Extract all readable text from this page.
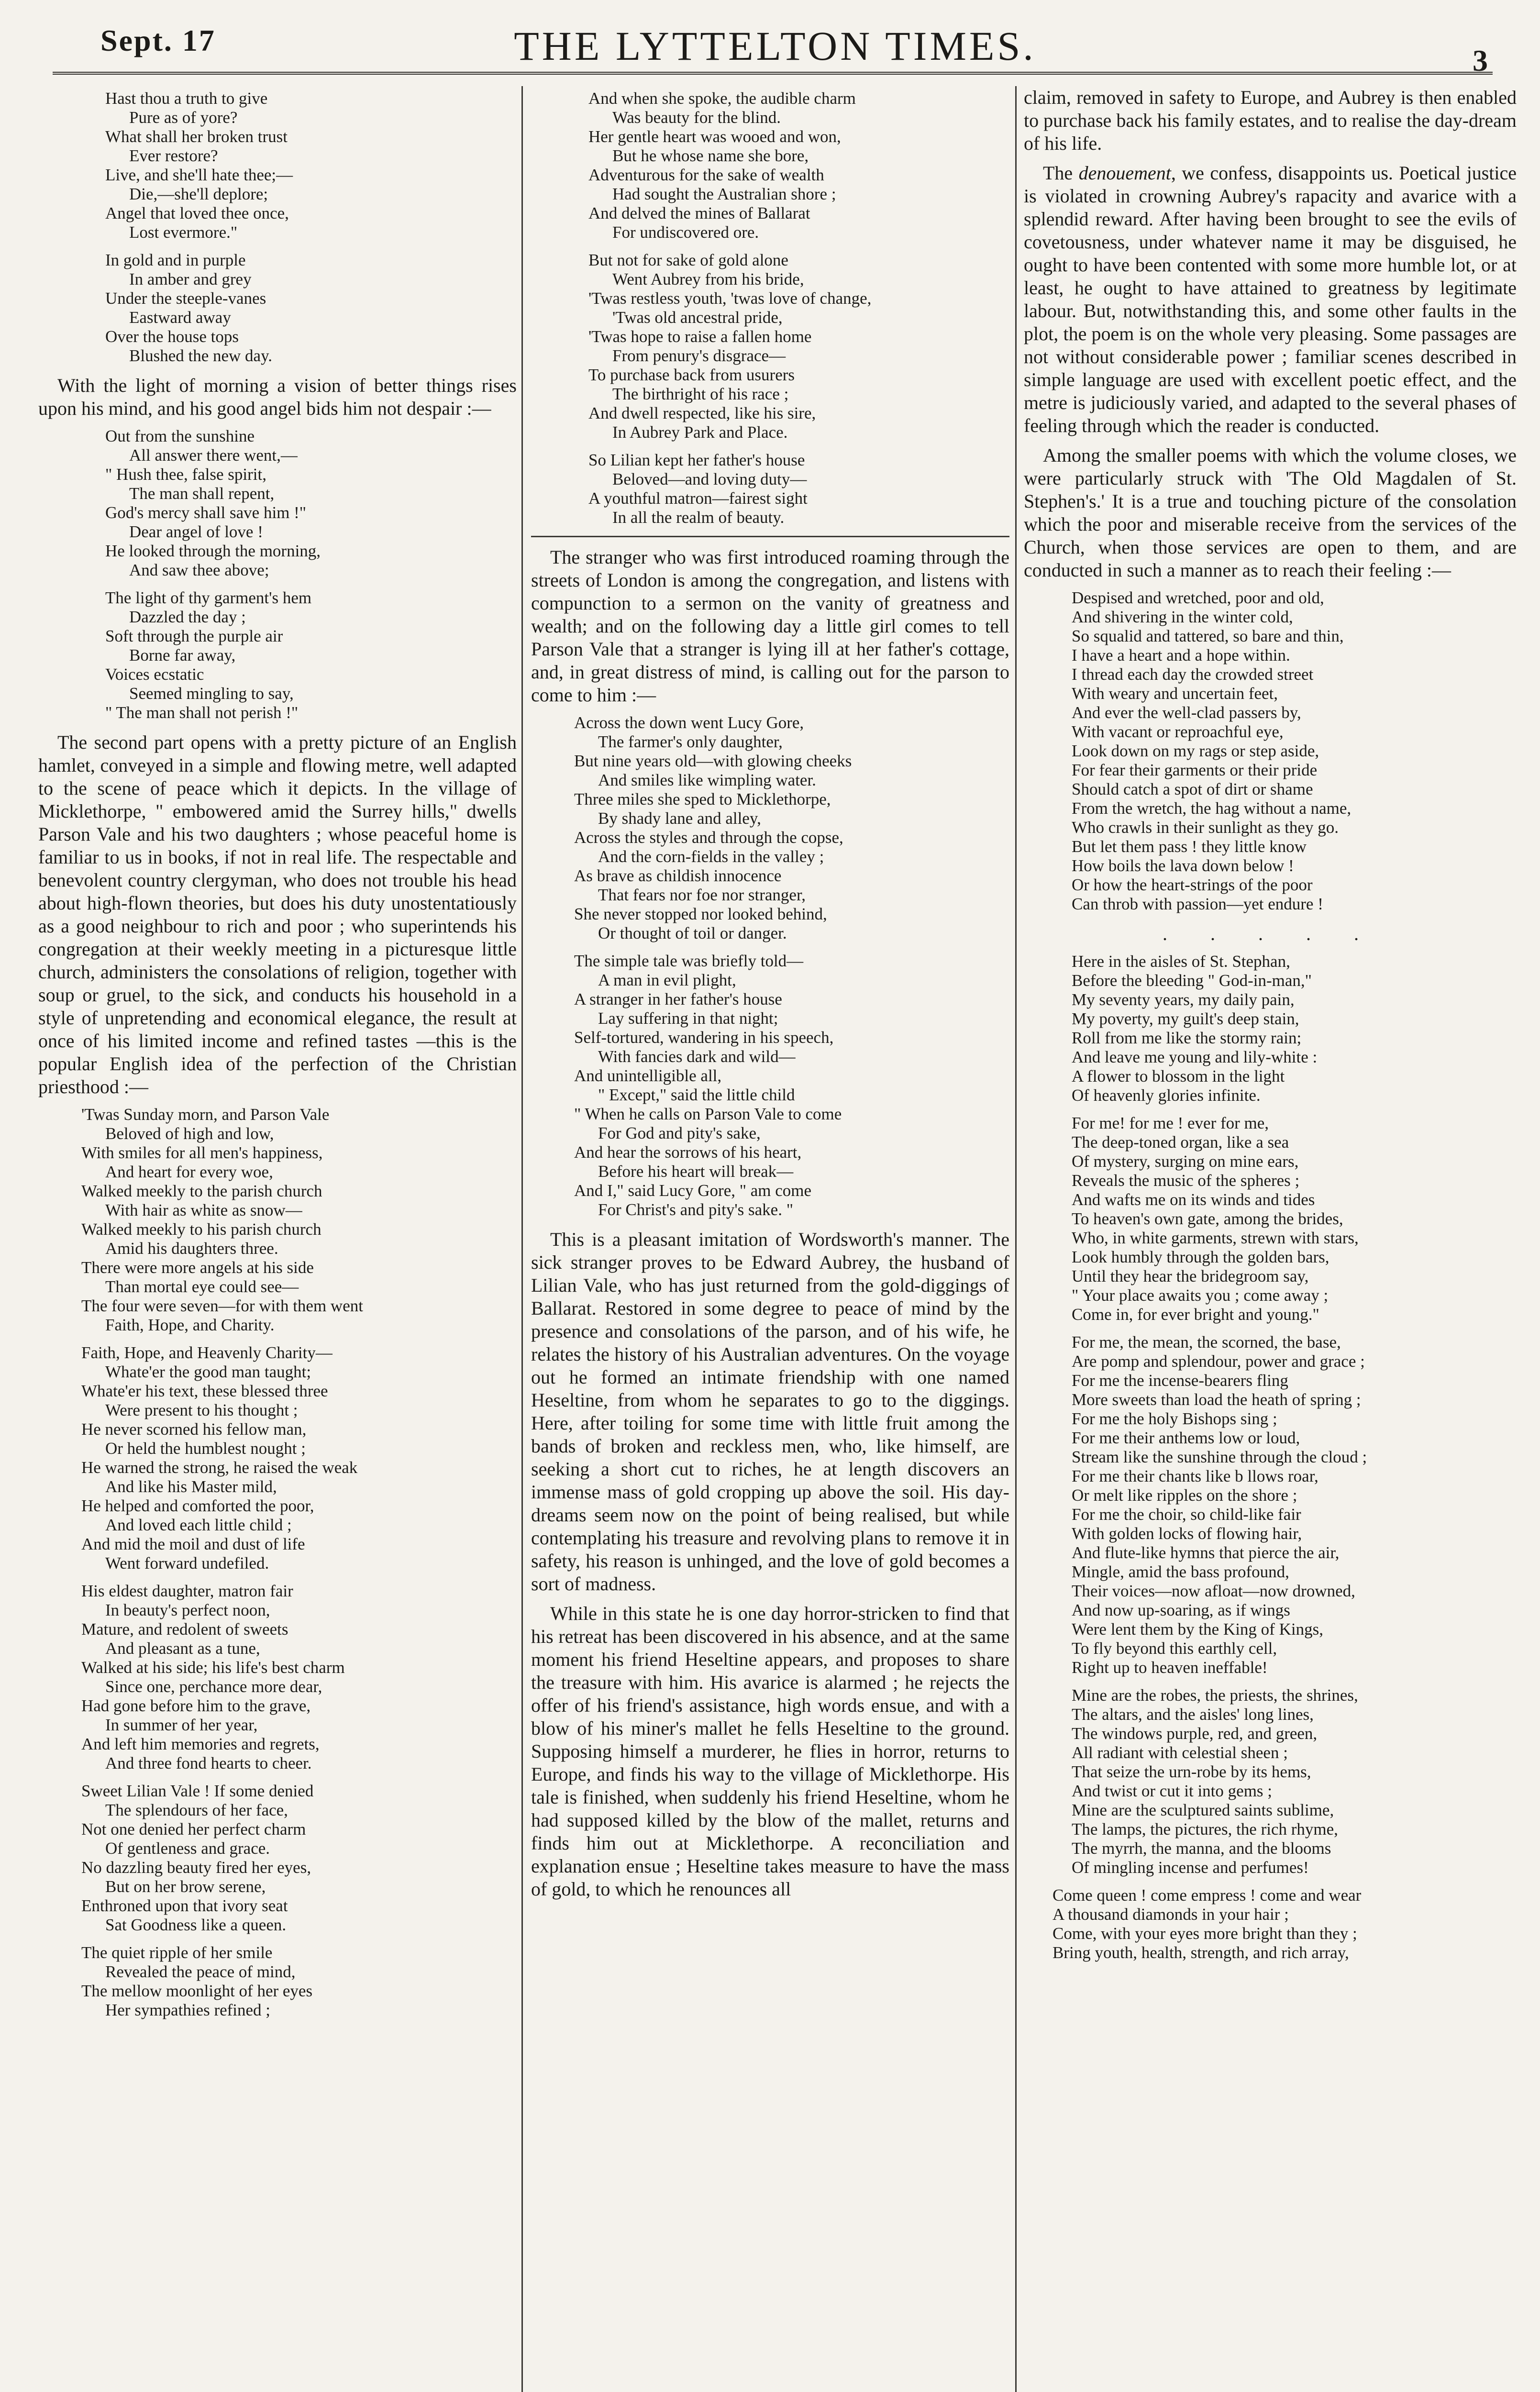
Sept. 17	THE LYTTELTON TIMES.	3
Hast thou a truth to give
Pure as of yore?
What shall her broken trust
Ever restore?
Live, and she'll hate thee;—
Die,—she'll deplore;
Angel that loved thee once,
Lost evermore."
In gold and in purple
In amber and grey
Under the steeple-vanes
Eastward away
Over the house tops
Blushed the new day.

With the light of morning a vision of better things rises upon his mind, and his good angel bids him not despair :—

Out from the sunshine
All answer there went,—
" Hush thee, false spirit,
The man shall repent,
God's mercy shall save him !"
Dear angel of love !
He looked through the morning,
And saw thee above;
The light of thy garment's hem
Dazzled the day ;
Soft through the purple air
Borne far away,
Voices ecstatic
Seemed mingling to say,
" The man shall not perish !"

The second part opens with a pretty picture of an English hamlet, conveyed in a simple and flowing metre, well adapted to the scene of peace which it depicts. In the village of Micklethorpe, " embowered amid the Surrey hills," dwells Parson Vale and his two daughters ; whose peaceful home is familiar to us in books, if not in real life. The respectable and benevolent country clergyman, who does not trouble his head about high-flown theories, but does his duty unostentatiously as a good neighbour to rich and poor ; who superintends his congregation at their weekly meeting in a picturesque little church, administers the consolations of religion, together with soup or gruel, to the sick, and conducts his household in a style of unpretending and economical elegance, the result at once of his limited income and refined tastes —this is the popular English idea of the perfection of the Christian priesthood :—

'Twas Sunday morn, and Parson Vale
Beloved of high and low,
With smiles for all men's happiness,
And heart for every woe,
Walked meekly to the parish church
With hair as white as snow—
Walked meekly to his parish church
Amid his daughters three.
There were more angels at his side
Than mortal eye could see—
The four were seven—for with them went
Faith, Hope, and Charity.
Faith, Hope, and Heavenly Charity—
Whate'er the good man taught;
Whate'er his text, these blessed three
Were present to his thought ;
He never scorned his fellow man,
Or held the humblest nought ;
He warned the strong, he raised the weak
And like his Master mild,
He helped and comforted the poor,
And loved each little child ;
And mid the moil and dust of life
Went forward undefiled.
His eldest daughter, matron fair
In beauty's perfect noon,
Mature, and redolent of sweets
And pleasant as a tune,
Walked at his side; his life's best charm
Since one, perchance more dear,
Had gone before him to the grave,
In summer of her year,
And left him memories and regrets,
And three fond hearts to cheer.
Sweet Lilian Vale ! If some denied
The splendours of her face,
Not one denied her perfect charm
Of gentleness and grace.
No dazzling beauty fired her eyes,
But on her brow serene,
Enthroned upon that ivory seat
Sat Goodness like a queen.
The quiet ripple of her smile
Revealed the peace of mind,
The mellow moonlight of her eyes
Her sympathies refined ;
And when she spoke, the audible charm
Was beauty for the blind.
Her gentle heart was wooed and won,
But he whose name she bore,
Adventurous for the sake of wealth
Had sought the Australian shore ;
And delved the mines of Ballarat
For undiscovered ore.
But not for sake of gold alone
Went Aubrey from his bride,
'Twas restless youth, 'twas love of change,
'Twas old ancestral pride,
'Twas hope to raise a fallen home
From penury's disgrace—
To purchase back from usurers
The birthright of his race ;
And dwell respected, like his sire,
In Aubrey Park and Place.
So Lilian kept her father's house
Beloved—and loving duty—
A youthful matron—fairest sight
In all the realm of beauty.

The stranger who was first introduced roaming through the streets of London is among the congregation, and listens with compunction to a sermon on the vanity of greatness and wealth; and on the following day a little girl comes to tell Parson Vale that a stranger is lying ill at her father's cottage, and, in great distress of mind, is calling out for the parson to come to him :—

Across the down went Lucy Gore,
The farmer's only daughter,
But nine years old—with glowing cheeks
And smiles like wimpling water.
Three miles she sped to Micklethorpe,
By shady lane and alley,
Across the styles and through the copse,
And the corn-fields in the valley ;
As brave as childish innocence
That fears nor foe nor stranger,
She never stopped nor looked behind,
Or thought of toil or danger.
The simple tale was briefly told—
A man in evil plight,
A stranger in her father's house
Lay suffering in that night;
Self-tortured, wandering in his speech,
With fancies dark and wild—
And unintelligible all,
" Except," said the little child
" When he calls on Parson Vale to come
For God and pity's sake,
And hear the sorrows of his heart,
Before his heart will break—
And I," said Lucy Gore, " am come
For Christ's and pity's sake. "

This is a pleasant imitation of Wordsworth's manner. The sick stranger proves to be Edward Aubrey, the husband of Lilian Vale, who has just returned from the gold-diggings of Ballarat. Restored in some degree to peace of mind by the presence and consolations of the parson, and of his wife, he relates the history of his Australian adventures. On the voyage out he formed an intimate friendship with one named Heseltine, from whom he separates to go to the diggings. Here, after toiling for some time with little fruit among the bands of broken and reckless men, who, like himself, are seeking a short cut to riches, he at length discovers an immense mass of gold cropping up above the soil. His day-dreams seem now on the point of being realised, but while contemplating his treasure and revolving plans to remove it in safety, his reason is unhinged, and the love of gold becomes a sort of madness.

While in this state he is one day horror-stricken to find that his retreat has been discovered in his absence, and at the same moment his friend Heseltine appears, and proposes to share the treasure with him. His avarice is alarmed ; he rejects the offer of his friend's assistance, high words ensue, and with a blow of his miner's mallet he fells Heseltine to the ground. Supposing himself a murderer, he flies in horror, returns to Europe, and finds his way to the village of Micklethorpe. His tale is finished, when suddenly his friend Heseltine, whom he had supposed killed by the blow of the mallet, returns and finds him out at Micklethorpe. A reconciliation and explanation ensue ; Heseltine takes measure to have the mass of gold, to which he renounces all

claim, removed in safety to Europe, and Aubrey is then enabled to purchase back his family estates, and to realise the day-dream of his life.

The denouement, we confess, disappoints us. Poetical justice is violated in crowning Aubrey's rapacity and avarice with a splendid reward. After having been brought to see the evils of covetousness, under whatever name it may be disguised, he ought to have been contented with some more humble lot, or at least, he ought to have attained to greatness by legitimate labour. But, notwithstanding this, and some other faults in the plot, the poem is on the whole very pleasing. Some passages are not without considerable power ; familiar scenes described in simple language are used with excellent poetic effect, and the metre is judiciously varied, and adapted to the several phases of feeling through which the reader is conducted.

Among the smaller poems with which the volume closes, we were particularly struck with 'The Old Magdalen of St. Stephen's.' It is a true and touching picture of the consolation which the poor and miserable receive from the services of the Church, when those services are open to them, and are conducted in such a manner as to reach their feeling :—

Despised and wretched, poor and old,
And shivering in the winter cold,
So squalid and tattered, so bare and thin,
I have a heart and a hope within.
I thread each day the crowded street
With weary and uncertain feet,
And ever the well-clad passers by,
With vacant or reproachful eye,
Look down on my rags or step aside,
For fear their garments or their pride
Should catch a spot of dirt or shame
From the wretch, the hag without a name,
Who crawls in their sunlight as they go.
But let them pass ! they little know
How boils the lava down below !
Or how the heart-strings of the poor
Can throb with passion—yet endure !
. . . . .
Here in the aisles of St. Stephan,
Before the bleeding " God-in-man,"
My seventy years, my daily pain,
My poverty, my guilt's deep stain,
Roll from me like the stormy rain;
And leave me young and lily-white :
A flower to blossom in the light
Of heavenly glories infinite.
For me! for me ! ever for me,
The deep-toned organ, like a sea
Of mystery, surging on mine ears,
Reveals the music of the spheres ;
And wafts me on its winds and tides
To heaven's own gate, among the brides,
Who, in white garments, strewn with stars,
Look humbly through the golden bars,
Until they hear the bridegroom say,
" Your place awaits you ; come away ;
Come in, for ever bright and young."
For me, the mean, the scorned, the base,
Are pomp and splendour, power and grace ;
For me the incense-bearers fling
More sweets than load the heath of spring ;
For me the holy Bishops sing ;
For me their anthems low or loud,
Stream like the sunshine through the cloud ;
For me their chants like b llows roar,
Or melt like ripples on the shore ;
For me the choir, so child-like fair
With golden locks of flowing hair,
And flute-like hymns that pierce the air,
Mingle, amid the bass profound,
Their voices—now afloat—now drowned,
And now up-soaring, as if wings
Were lent them by the King of Kings,
To fly beyond this earthly cell,
Right up to heaven ineffable!
Mine are the robes, the priests, the shrines,
The altars, and the aisles' long lines,
The windows purple, red, and green,
All radiant with celestial sheen ;
That seize the urn-robe by its hems,
And twist or cut it into gems ;
Mine are the sculptured saints sublime,
The lamps, the pictures, the rich rhyme,
The myrrh, the manna, and the blooms
Of mingling incense and perfumes!
Come queen ! come empress ! come and wear
A thousand diamonds in your hair ;
Come, with your eyes more bright than they ;
Bring youth, health, strength, and rich array,
